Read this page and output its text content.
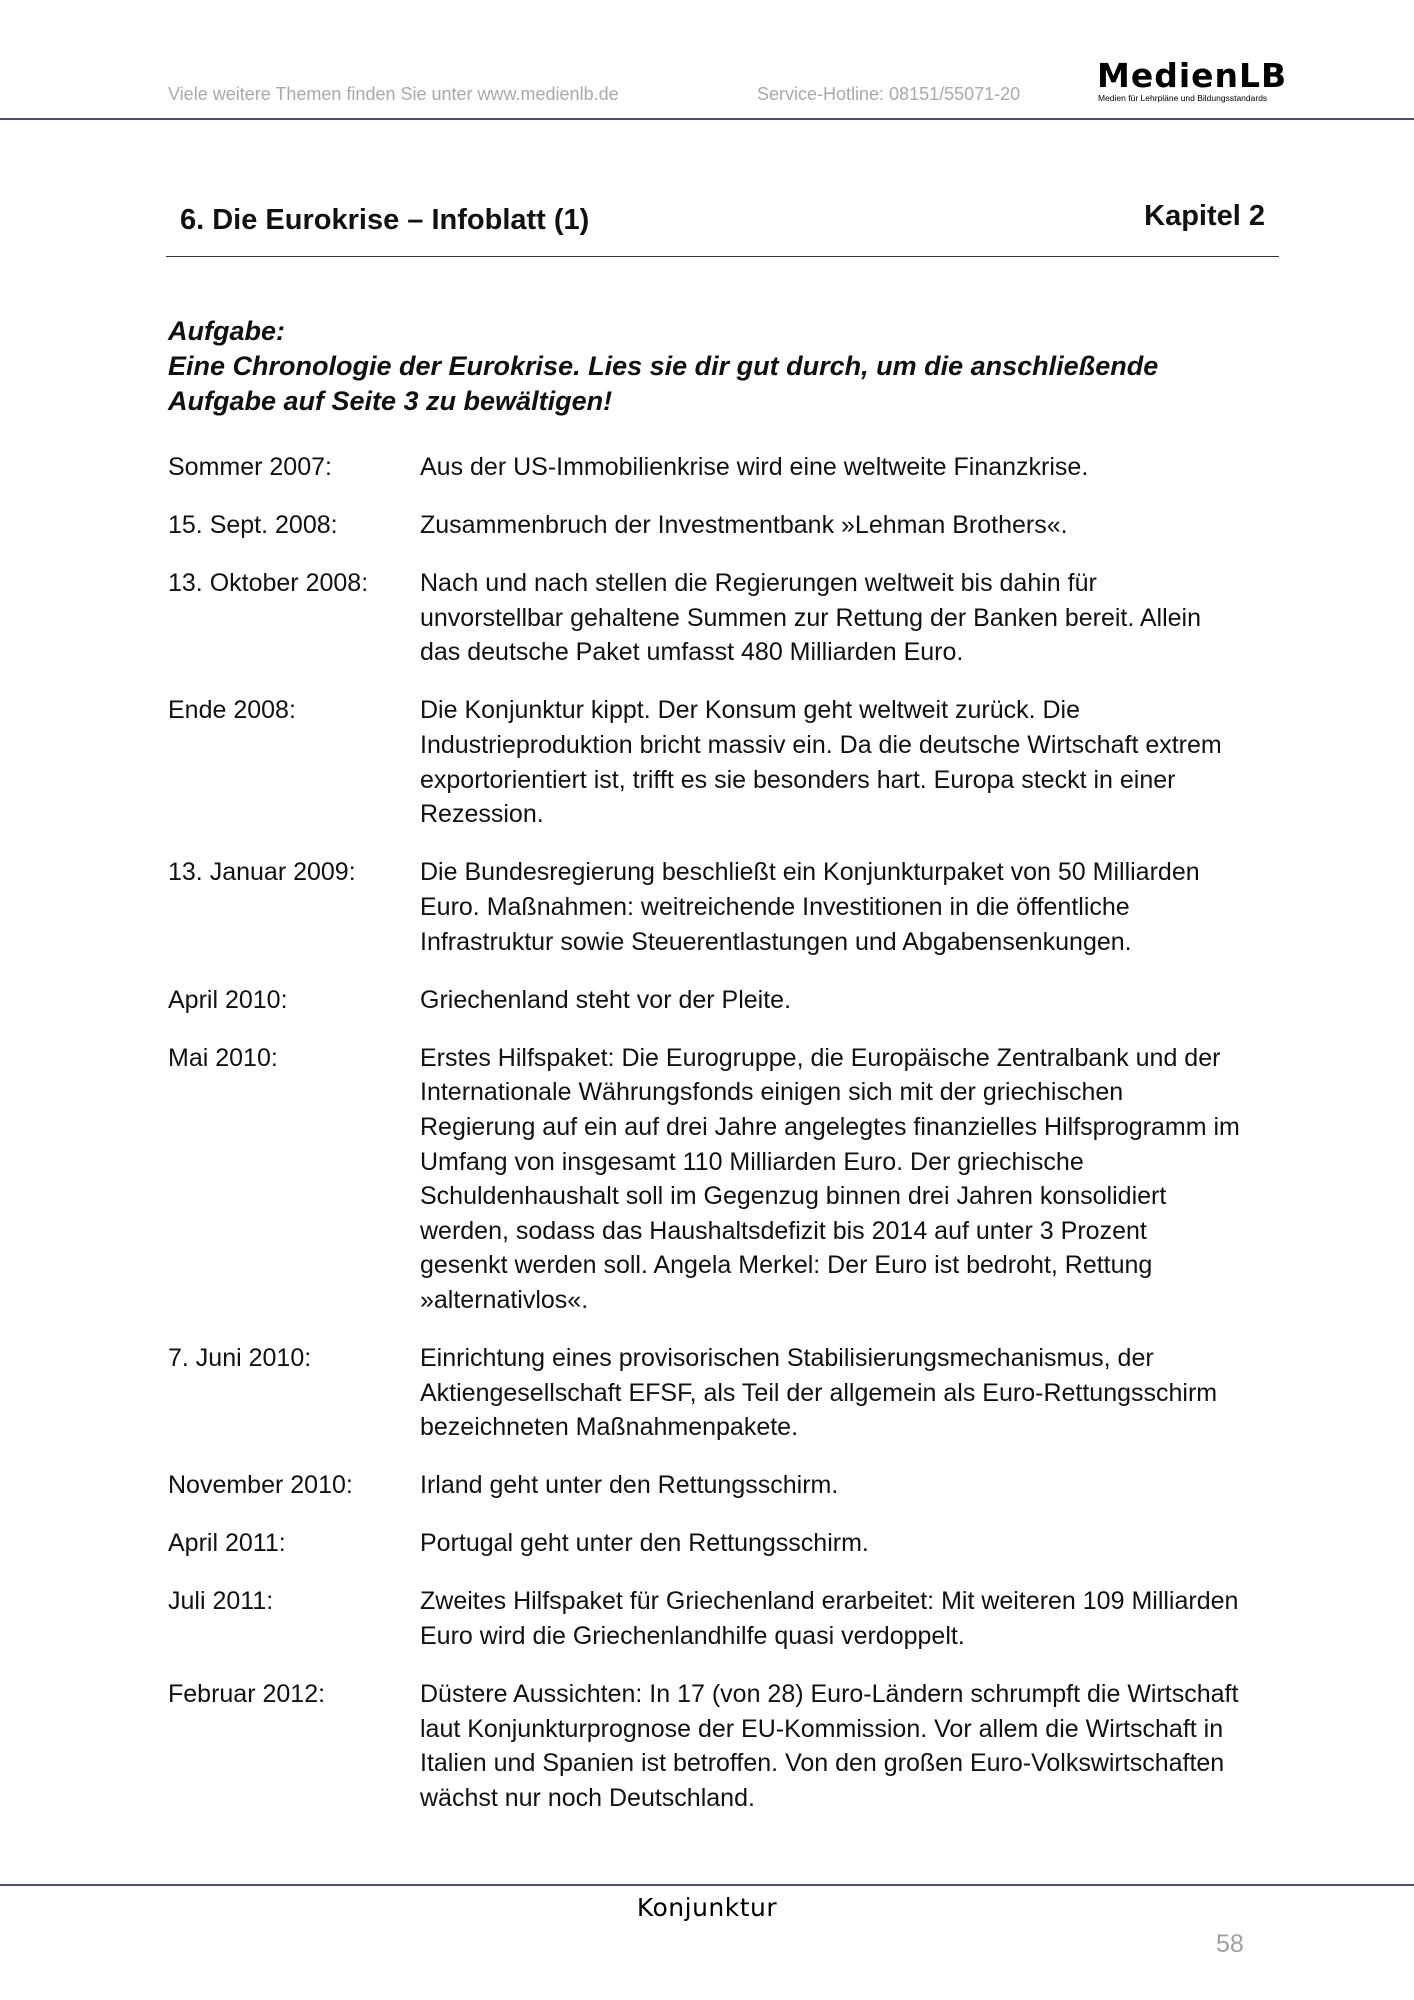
Viele weitere Themen finden Sie unter www.medienlb.de	Service-Hotline: 08151/55071-20 MedienLB
Medien für Lehrpläne und Bildungsstandards
6. Die Eurokrise – Infoblatt (1)	Kapitel 2
Aufgabe:
Eine Chronologie der Eurokrise. Lies sie dir gut durch, um die anschließende
Aufgabe auf Seite 3 zu bewältigen!
Sommer 2007:	Aus der US-Immobilienkrise wird eine weltweite Finanzkrise.
15. Sept. 2008:	Zusammenbruch der Investmentbank »Lehman Brothers«.
13. Oktober 2008:	Nach und nach stellen die Regierungen weltweit bis dahin für unvorstellbar gehaltene Summen zur Rettung der Banken bereit. Allein das deutsche Paket umfasst 480 Milliarden Euro.
Ende 2008:	Die Konjunktur kippt. Der Konsum geht weltweit zurück. Die Industrieproduktion bricht massiv ein. Da die deutsche Wirtschaft extrem exportorientiert ist, trifft es sie besonders hart. Europa steckt in einer Rezession.
13. Januar 2009:	Die Bundesregierung beschließt ein Konjunkturpaket von 50 Milliarden Euro. Maßnahmen: weitreichende Investitionen in die öffentliche Infrastruktur sowie Steuerentlastungen und Abgabensenkungen.
April 2010:	Griechenland steht vor der Pleite.
Mai 2010:	Erstes Hilfspaket: Die Eurogruppe, die Europäische Zentralbank und der Internationale Währungsfonds einigen sich mit der griechischen Regierung auf ein auf drei Jahre angelegtes finanzielles Hilfsprogramm im Umfang von insgesamt 110 Milliarden Euro. Der griechische Schuldenhaushalt soll im Gegenzug binnen drei Jahren konsolidiert werden, sodass das Haushaltsdefizit bis 2014 auf unter 3 Prozent gesenkt werden soll. Angela Merkel: Der Euro ist bedroht, Rettung »alternativlos«.
7. Juni 2010:	Einrichtung eines provisorischen Stabilisierungsmechanismus, der Aktiengesellschaft EFSF, als Teil der allgemein als Euro-Rettungsschirm bezeichneten Maßnahmenpakete.
November 2010:	Irland geht unter den Rettungsschirm.
April 2011:	Portugal geht unter den Rettungsschirm.
Juli 2011:	Zweites Hilfspaket für Griechenland erarbeitet: Mit weiteren 109 Milliarden Euro wird die Griechenlandhilfe quasi verdoppelt.
Februar 2012:	Düstere Aussichten: In 17 (von 28) Euro-Ländern schrumpft die Wirtschaft laut Konjunkturprognose der EU-Kommission. Vor allem die Wirtschaft in Italien und Spanien ist betroffen. Von den großen Euro-Volkswirtschaften wächst nur noch Deutschland.
Konjunktur
58
